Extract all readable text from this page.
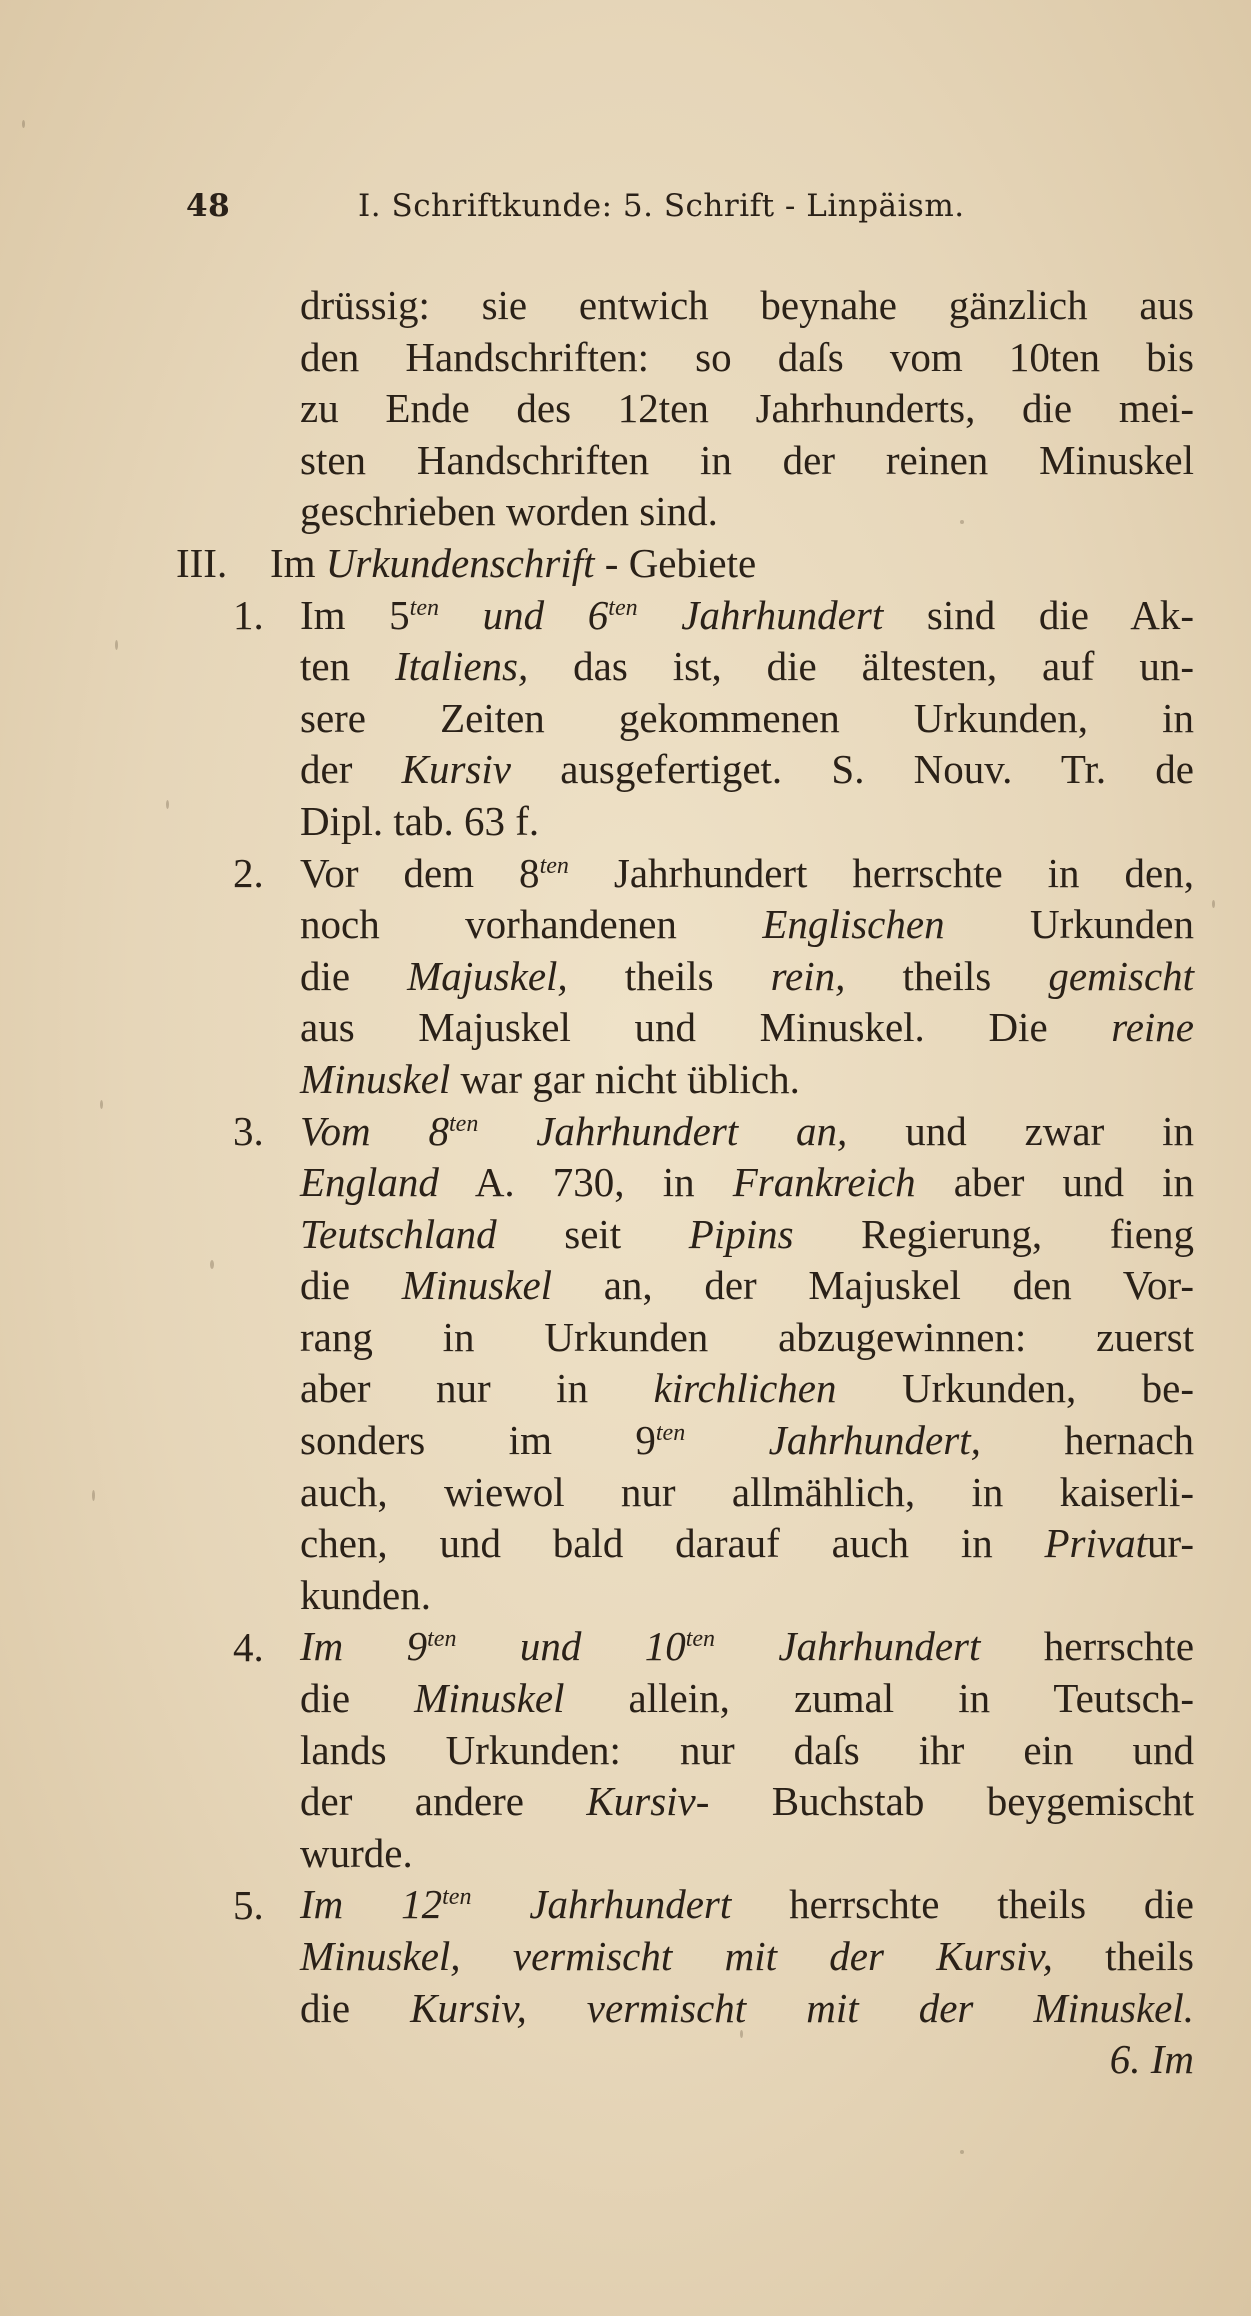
48	I. Schriftkunde: 5. Schrift - Linpäism.
III.
1.
2.
3.
4.
5.
drüssig: sie entwich beynahe gänzlich aus
den Handschriften: so daſs vom 10ten bis
zu Ende des 12ten Jahrhunderts, die mei-
sten Handschriften in der reinen Minuskel
geschrieben worden sind.
Im Urkundenschrift - Gebiete
Im $5^{ten}$ und $6^{ten}$ Jahrhundert sind die Ak-
ten Italiens, das ist, die ältesten, auf un-
sere Zeiten gekommenen Urkunden, in
der Kursiv ausgefertiget. S. Nouv. Tr. de
Dipl. tab. 63 f.
Vor dem $8^{ten}$ Jahrhundert herrschte in den,
noch vorhandenen Englischen Urkunden
die Majuskel, theils rein, theils gemischt
aus Majuskel und Minuskel. Die reine
Minuskel war gar nicht üblich.
Vom $8^{ten}$ Jahrhundert an, und zwar in
England A. 730, in Frankreich aber und in
Teutschland seit Pipins Regierung, fieng
die Minuskel an, der Majuskel den Vor-
rang in Urkunden abzugewinnen: zuerst
aber nur in kirchlichen Urkunden, be-
sonders im $9^{ten}$ Jahrhundert, hernach
auch, wiewol nur allmählich, in kaiserli-
chen, und bald darauf auch in Privatur-
kunden.
Im $9^{ten}$ und $10^{ten}$ Jahrhundert herrschte
die Minuskel allein, zumal in Teutsch-
lands Urkunden: nur daſs ihr ein und
der andere Kursiv- Buchstab beygemischt
wurde.
Im $12^{ten}$ Jahrhundert herrschte theils die
Minuskel, vermischt mit der Kursiv, theils
die Kursiv, vermischt mit der Minuskel.
6. Im
